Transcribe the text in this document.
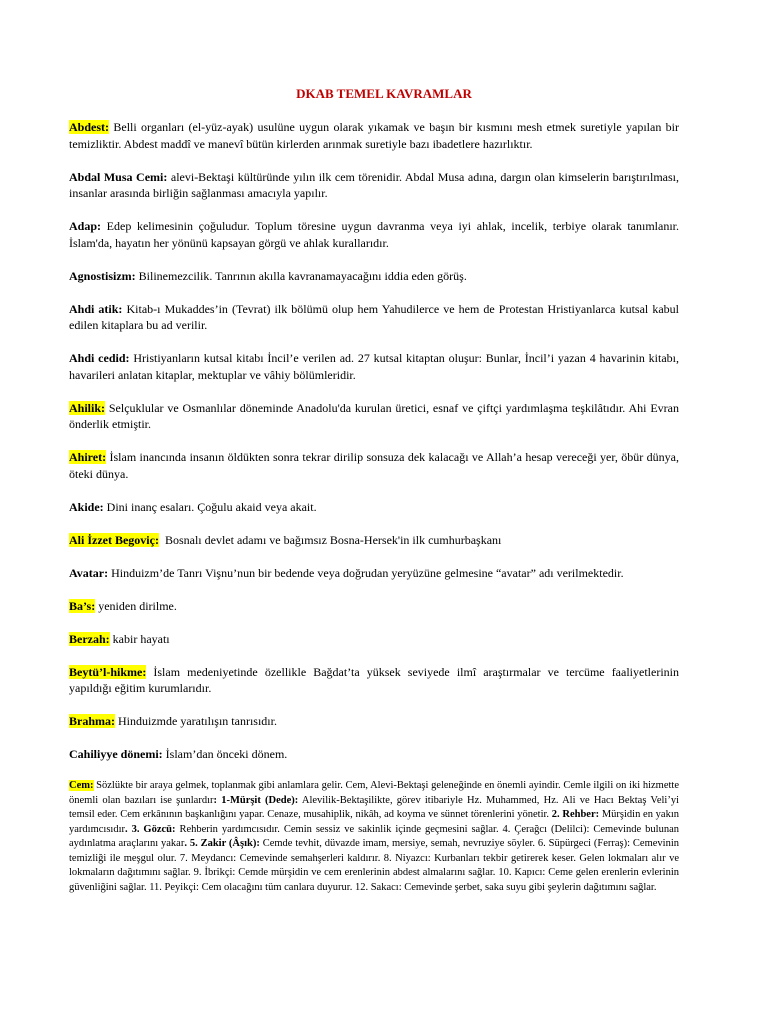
DKAB TEMEL KAVRAMLAR

Abdest: Belli organları (el-yüz-ayak) usulüne uygun olarak yıkamak ve başın bir kısmını mesh etmek suretiyle yapılan bir temizliktir. Abdest maddî ve manevî bütün kirlerden arınmak suretiyle bazı ibadetlere hazırlıktır.

Abdal Musa Cemi: alevi-Bektaşi kültüründe yılın ilk cem törenidir. Abdal Musa adına, dargın olan kimselerin barıştırılması, insanlar arasında birliğin sağlanması amacıyla yapılır.

Adap: Edep kelimesinin çoğuludur. Toplum töresine uygun davranma veya iyi ahlak, incelik, terbiye olarak tanımlanır. İslam'da, hayatın her yönünü kapsayan görgü ve ahlak kurallarıdır.

Agnostisizm: Bilinemezcilik. Tanrının akılla kavranamayacağını iddia eden görüş.

Ahdi atik: Kitab-ı Mukaddes’in (Tevrat) ilk bölümü olup hem Yahudilerce ve hem de Protestan Hristiyanlarca kutsal kabul edilen kitaplara bu ad verilir.

Ahdi cedid: Hristiyanların kutsal kitabı İncil’e verilen ad. 27 kutsal kitaptan oluşur: Bunlar, İncil’i yazan 4 havarinin kitabı, havarileri anlatan kitaplar, mektuplar ve vâhiy bölümleridir.

Ahilik: Selçuklular ve Osmanlılar döneminde Anadolu'da kurulan üretici, esnaf ve çiftçi yardımlaşma teşkilâtıdır. Ahi Evran önderlik etmiştir.

Ahiret: İslam inancında insanın öldükten sonra tekrar dirilip sonsuza dek kalacağı ve Allah’a hesap vereceği yer, öbür dünya, öteki dünya.

Akide: Dini inanç esaları. Çoğulu akaid veya akait.

Ali İzzet Begoviç:  Bosnalı devlet adamı ve bağımsız Bosna-Hersek'in ilk cumhurbaşkanı

Avatar: Hinduizm’de Tanrı Vişnu’nun bir bedende veya doğrudan yeryüzüne gelmesine “avatar” adı verilmektedir.

Ba’s: yeniden dirilme.

Berzah: kabir hayatı

Beytü’l-hikme: İslam medeniyetinde özellikle Bağdat’ta yüksek seviyede ilmî araştırmalar ve tercüme faaliyetlerinin yapıldığı eğitim kurumlarıdır.

Brahma: Hinduizmde yaratılışın tanrısıdır.

Cahiliyye dönemi: İslam’dan önceki dönem.

Cem: Sözlükte bir araya gelmek, toplanmak gibi anlamlara gelir. Cem, Alevi-Bektaşi geleneğinde en önemli ayindir. Cemle ilgili on iki hizmette önemli olan bazıları ise şunlardır: 1-Mürşit (Dede): Alevilik-Bektaşilikte, görev itibariyle Hz. Muhammed, Hz. Ali ve Hacı Bektaş Veli’yi temsil eder. Cem erkânının başkanlığını yapar. Cenaze, musahiplik, nikâh, ad koyma ve sünnet törenlerini yönetir. 2. Rehber: Mürşidin en yakın yardımcısıdır. 3. Gözcü: Rehberin yardımcısıdır. Cemin sessiz ve sakinlik içinde geçmesini sağlar. 4. Çerağcı (Delilci): Cemevinde bulunan aydınlatma araçlarını yakar. 5. Zakir (Âşık): Cemde tevhit, düvazde imam, mersiye, semah, nevruziye söyler. 6. Süpürgeci (Ferraş): Cemevinin temizliği ile meşgul olur. 7. Meydancı: Cemevinde semahşerleri kaldırır. 8. Niyazcı: Kurbanları tekbir getirerek keser. Gelen lokmaları alır ve lokmaların dağıtımını sağlar. 9. İbrikçi: Cemde mürşidin ve cem erenlerinin abdest almalarını sağlar. 10. Kapıcı: Ceme gelen erenlerin evlerinin güvenliğini sağlar. 11. Peyikçi: Cem olacağını tüm canlara duyurur. 12. Sakacı: Cemevinde şerbet, saka suyu gibi şeylerin dağıtımını sağlar.
